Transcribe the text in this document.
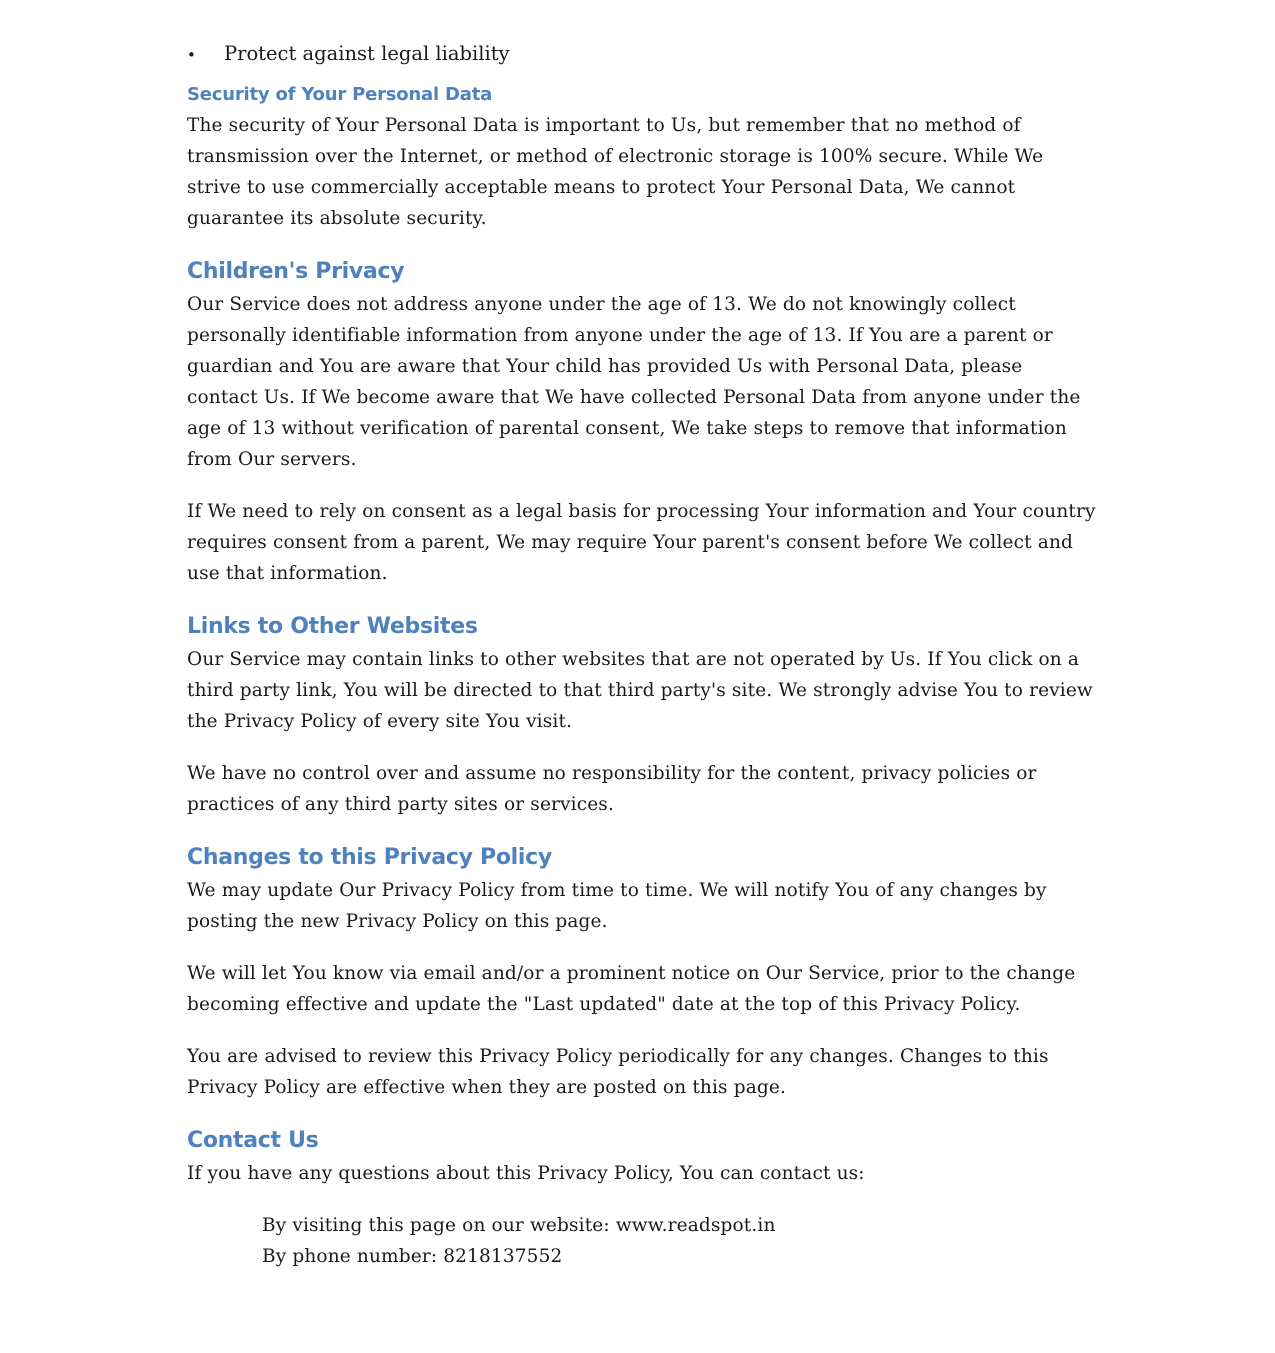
•	Protect against legal liability
Security of Your Personal Data

The security of Your Personal Data is important to Us, but remember that no method of transmission over the Internet, or method of electronic storage is 100% secure. While We strive to use commercially acceptable means to protect Your Personal Data, We cannot guarantee its absolute security.

Children's Privacy

Our Service does not address anyone under the age of 13. We do not knowingly collect personally identifiable information from anyone under the age of 13. If You are a parent or guardian and You are aware that Your child has provided Us with Personal Data, please contact Us. If We become aware that We have collected Personal Data from anyone under the age of 13 without verification of parental consent, We take steps to remove that information from Our servers.

If We need to rely on consent as a legal basis for processing Your information and Your country requires consent from a parent, We may require Your parent's consent before We collect and use that information.

Links to Other Websites

Our Service may contain links to other websites that are not operated by Us. If You click on a third party link, You will be directed to that third party's site. We strongly advise You to review the Privacy Policy of every site You visit.

We have no control over and assume no responsibility for the content, privacy policies or practices of any third party sites or services.

Changes to this Privacy Policy

We may update Our Privacy Policy from time to time. We will notify You of any changes by posting the new Privacy Policy on this page.

We will let You know via email and/or a prominent notice on Our Service, prior to the change becoming effective and update the "Last updated" date at the top of this Privacy Policy.

You are advised to review this Privacy Policy periodically for any changes. Changes to this Privacy Policy are effective when they are posted on this page.

Contact Us

If you have any questions about this Privacy Policy, You can contact us:

By visiting this page on our website: www.readspot.in

By phone number: 8218137552
